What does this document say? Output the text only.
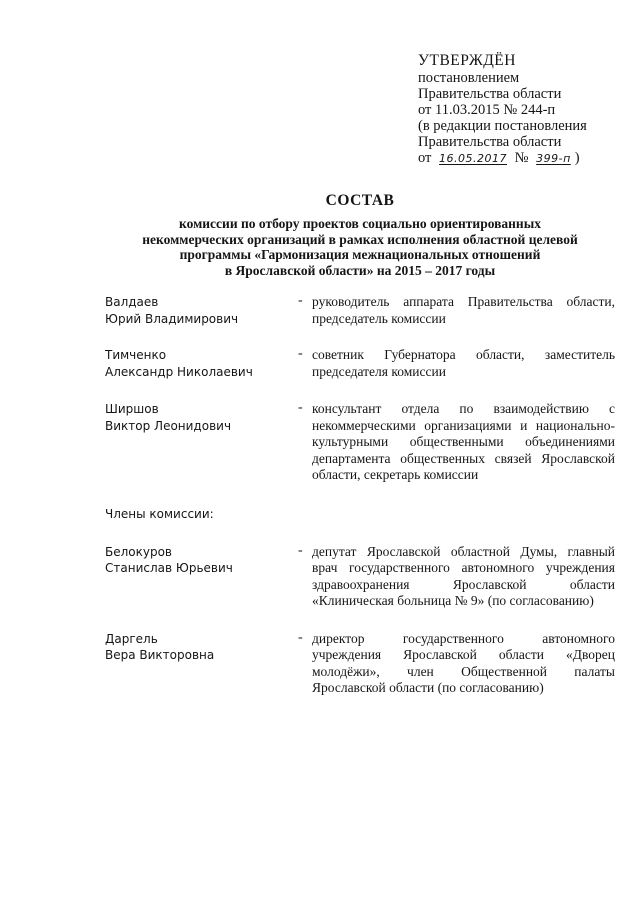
УТВЕРЖДЁН
постановлением
Правительства области
от 11.03.2015 № 244-п
(в редакции постановления
Правительства области
от 16.05.2017 № 399-п )
СОСТАВ
комиссии по отбору проектов социально ориентированных
некоммерческих организаций в рамках исполнения областной целевой
программы «Гармонизация межнациональных отношений
в Ярославской области» на 2015 – 2017 годы
Валдаев
Юрий Владимирович
- руководитель аппарата Правительства области, председатель комиссии
Тимченко
Александр Николаевич
- советник Губернатора области, заместитель председателя комиссии
Ширшов
Виктор Леонидович
- консультант отдела по взаимодействию с некоммерческими организациями и национально-культурными общественными объединениями департамента общественных связей Ярославской области, секретарь комиссии
Члены комиссии:
Белокуров
Станислав Юрьевич
- депутат Ярославской областной Думы, главный врач государственного автономного учреждения здравоохранения Ярославской области «Клиническая больница № 9» (по согласованию)
Даргель
Вера Викторовна
- директор государственного автономного учреждения Ярославской области «Дворец молодёжи», член Общественной палаты Ярославской области (по согласованию)
